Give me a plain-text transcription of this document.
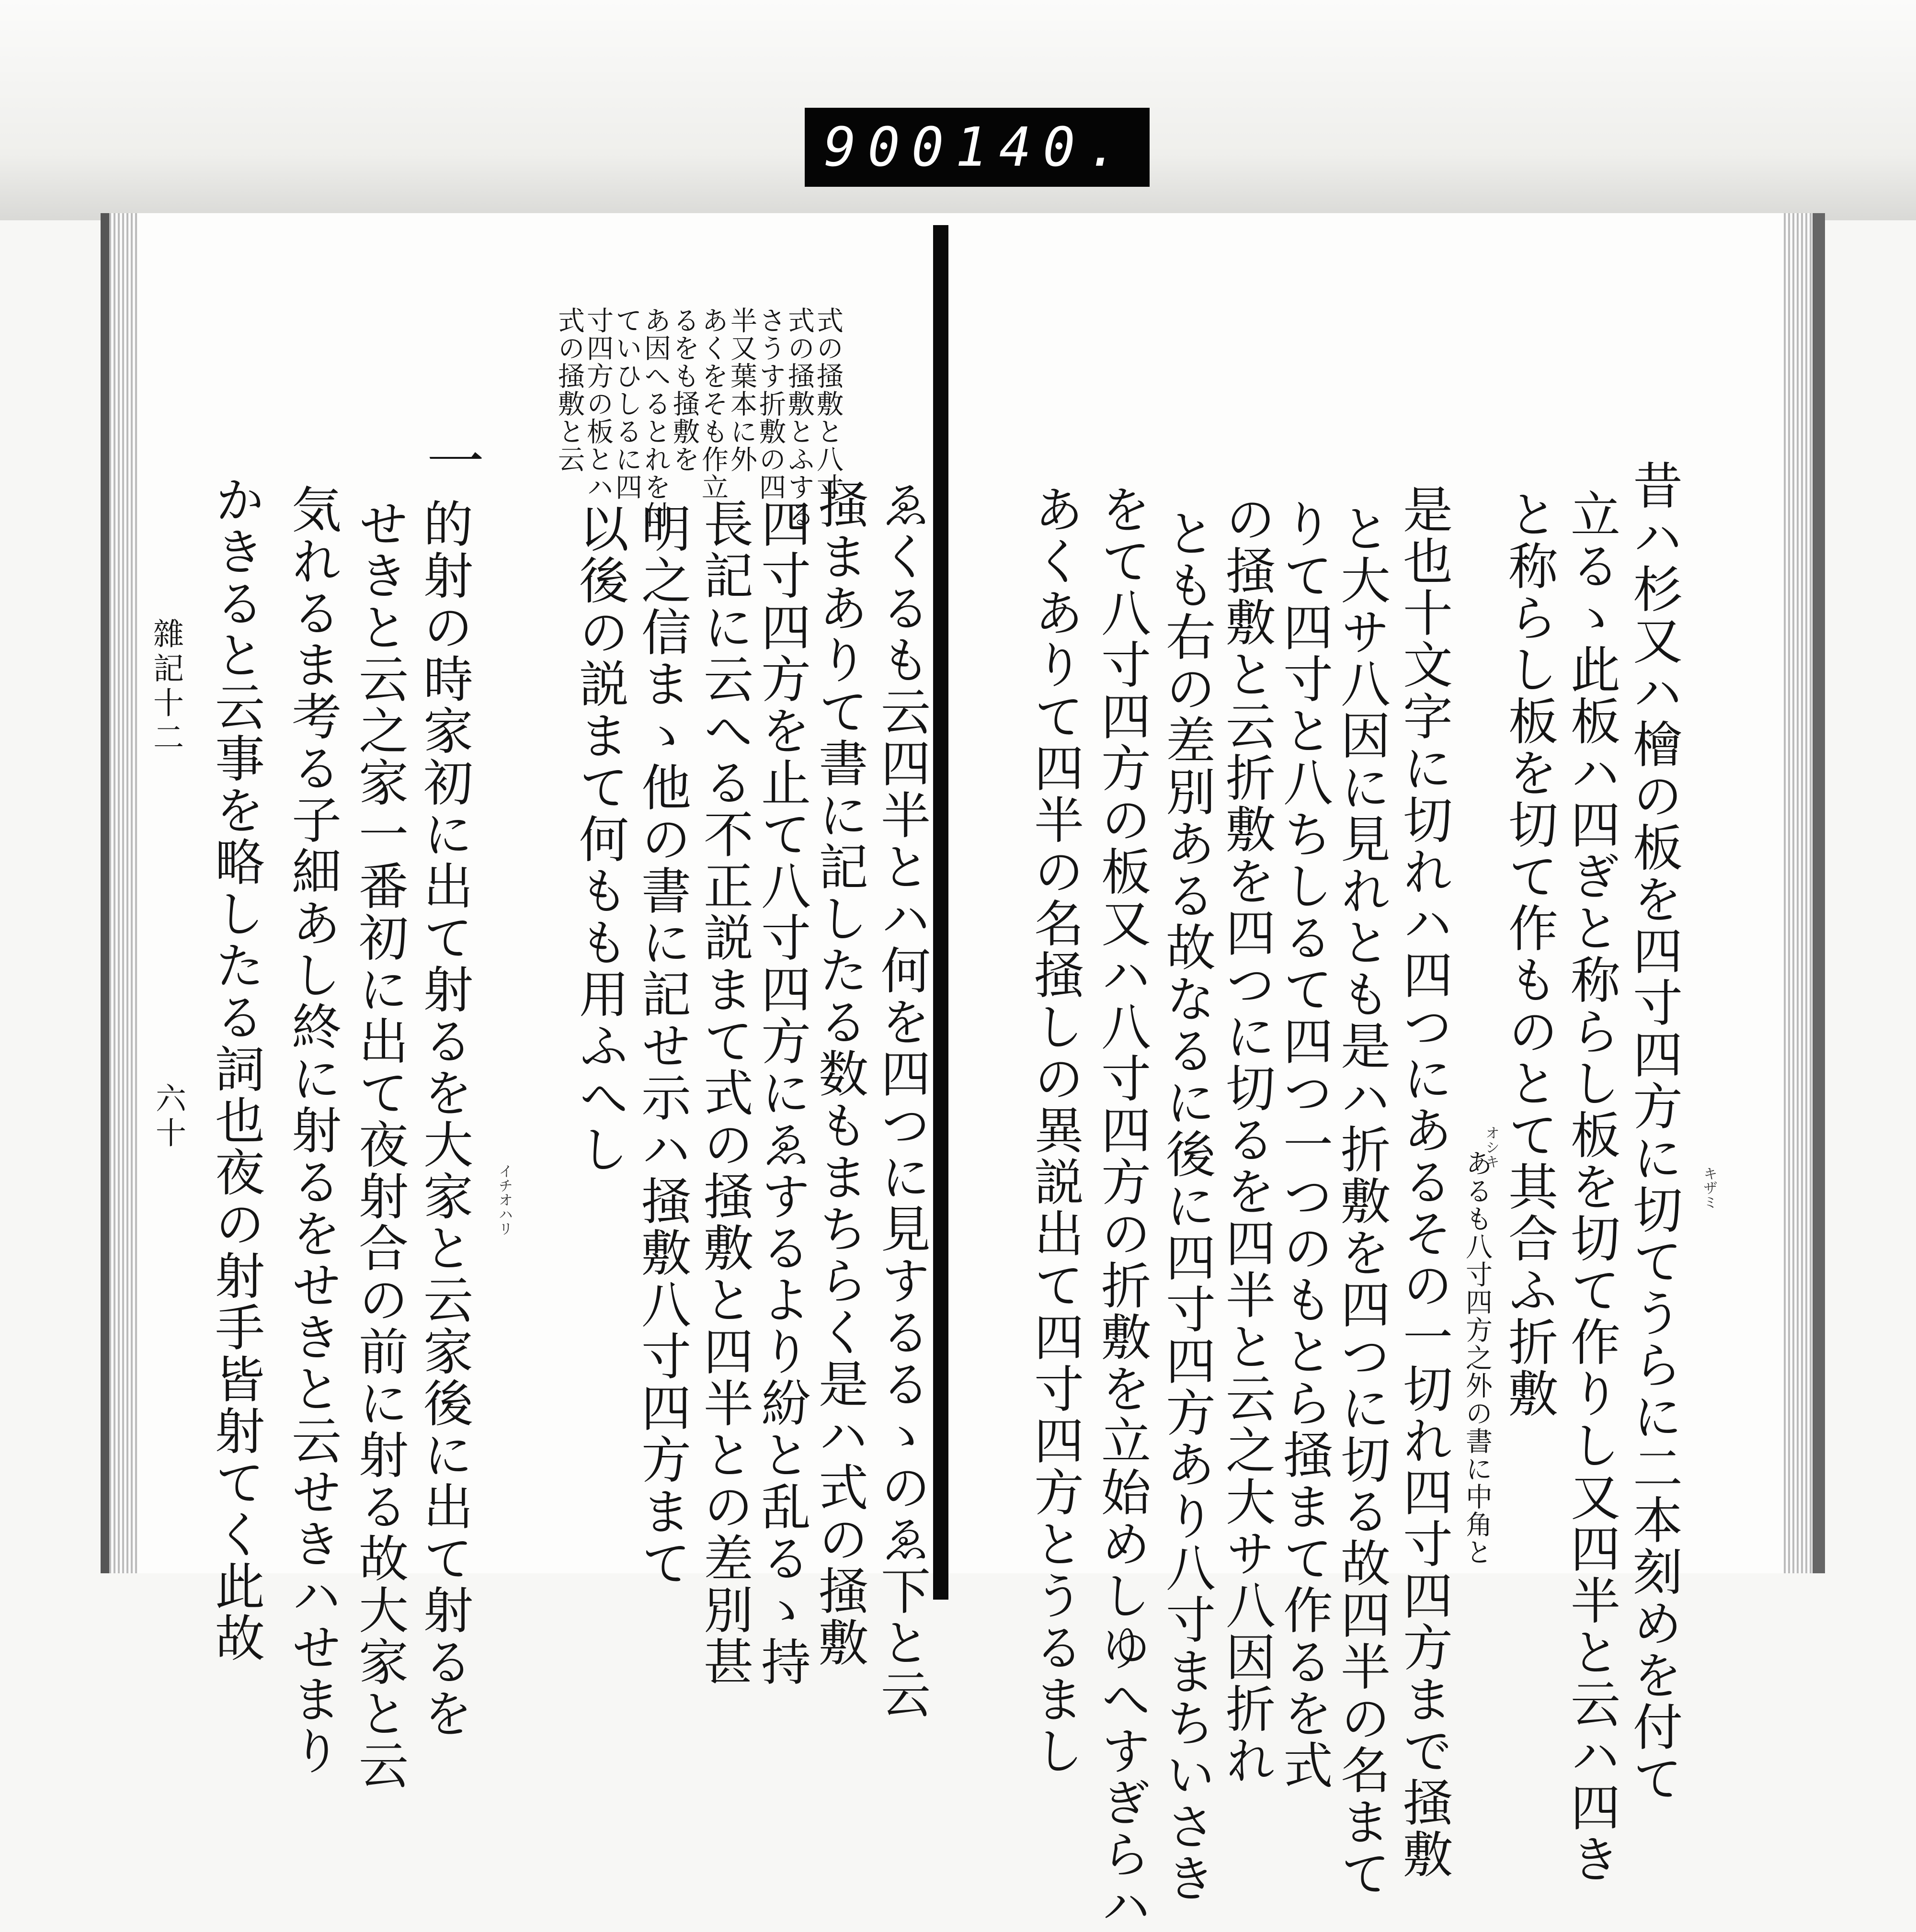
900 140.
昔ハ杉又ハ檜の板を四寸四方に切てうらに二本刻めを付て キザミ
立るゝ此板ハ四ぎと称らし板を切て作りし又四半と云ハ四き
と称らし板を切て作ものとて其合ふ折敷
オシキ
あるも八寸四方之外の書に中角と
是也十文字に切れハ四つにあるその一切れ四寸四方まで掻敷
と大サ八因に見れとも是ハ折敷を四つに切る故四半の名まて
りて四寸と八ちしるて四つ一つのもとら掻まて作るを式
の掻敷と云折敷を四つに切るを四半と云之大サ八因折れ
とも右の差別ある故なるに後に四寸四方あり八寸まちいさき
をて八寸四方の板又ハ八寸四方の折敷を立始めしゆへすぎらハ
あくありて四半の名掻しの異説出て四寸四方とうるまし
式の掻敷と八寸
式の掻敷とふする
さうす折敷の四
半又葉本に外
あくをそも作立
るをも掻敷を
あ因へるとれを付
ていひしるに四
寸四方の板とハ
式の掻敷と云
ゑくるも云四半とハ何を四つに見するるゝのゑ下と云
掻まありて書に記したる数もまちらく是ハ式の掻敷
四寸四方を止て八寸四方にゑするより紛と乱るゝ持
長記に云へる不正説まて式の掻敷と四半との差別甚
明之信まゝ他の書に記せ示ハ掻敷八寸四方まて
以後の説まて何もも用ふへし
一
イチオハリ
的射の時家初に出て射るを大家と云家後に出て射るを
せきと云之家一番初に出て夜射合の前に射る故大家と云
気れるま考る子細あし終に射るをせきと云せきハせまり
かきると云事を略したる詞也夜の射手皆射てく此故
雜記十二
六十
